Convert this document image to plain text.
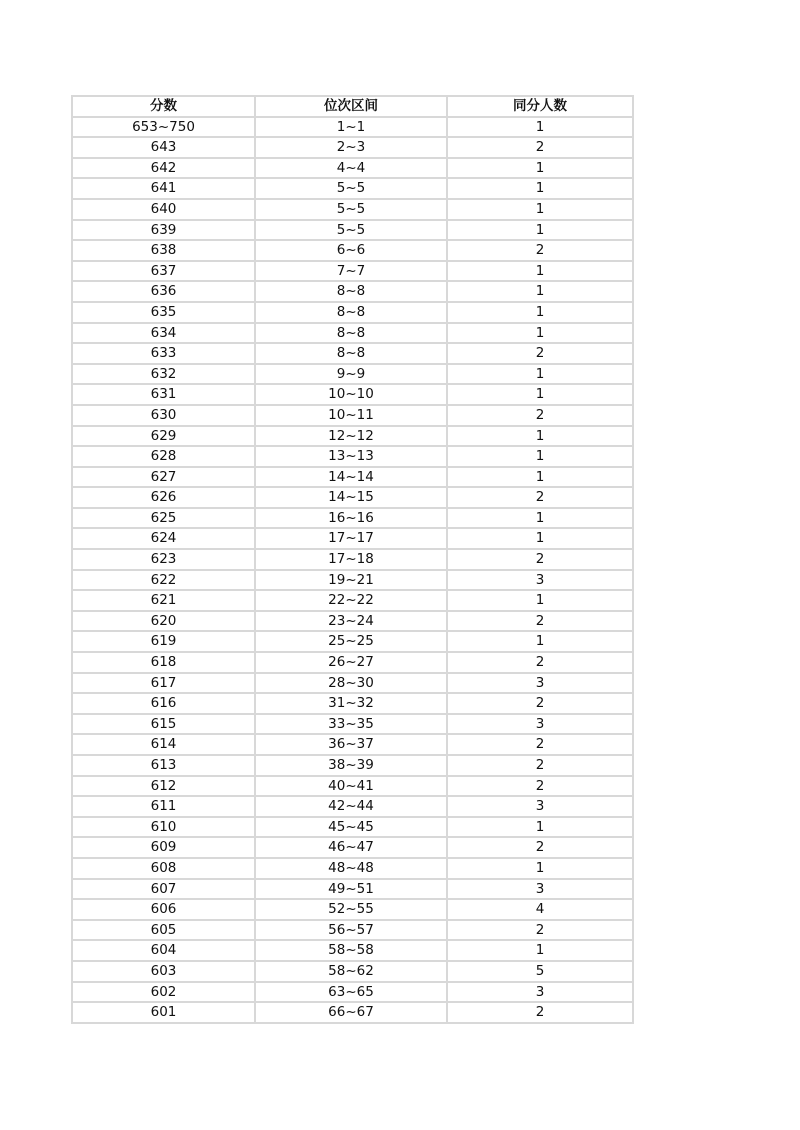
分数	位次区间	同分人数
653~750	1~1	1
643	2~3	2
642	4~4	1
641	5~5	1
640	5~5	1
639	5~5	1
638	6~6	2
637	7~7	1
636	8~8	1
635	8~8	1
634	8~8	1
633	8~8	2
632	9~9	1
631	10~10	1
630	10~11	2
629	12~12	1
628	13~13	1
627	14~14	1
626	14~15	2
625	16~16	1
624	17~17	1
623	17~18	2
622	19~21	3
621	22~22	1
620	23~24	2
619	25~25	1
618	26~27	2
617	28~30	3
616	31~32	2
615	33~35	3
614	36~37	2
613	38~39	2
612	40~41	2
611	42~44	3
610	45~45	1
609	46~47	2
608	48~48	1
607	49~51	3
606	52~55	4
605	56~57	2
604	58~58	1
603	58~62	5
602	63~65	3
601	66~67	2
